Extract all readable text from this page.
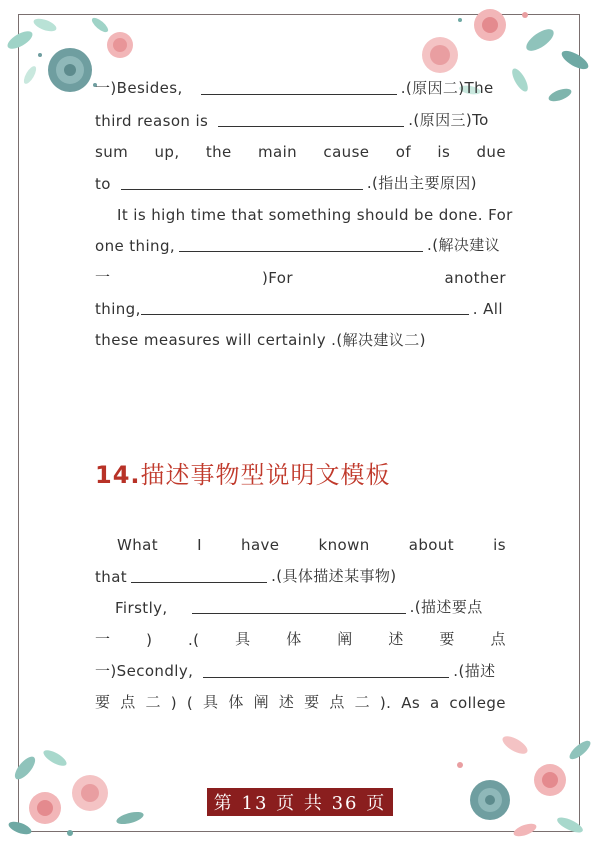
一)Besides,	.(原因二)The
third reason is	.(原因三)To
sum up, the main cause of is due
to	.(指出主要原因)
It is high time that something should be done. For
one thing,	.(解决建议
一	)For	another
thing,	. All
these measures will certainly .(解决建议二)
What	I	have	known	about	is
that	.(具体描述某事物)
Firstly,	.(描述要点
一 ) .( 具 体 阐 述 要 点
一)Secondly,	.(描述
要 点 二 ) ( 具 体 阐 述 要 点 二 ). As a college
14.描述事物型说明文模板
第 13 页 共 36 页
